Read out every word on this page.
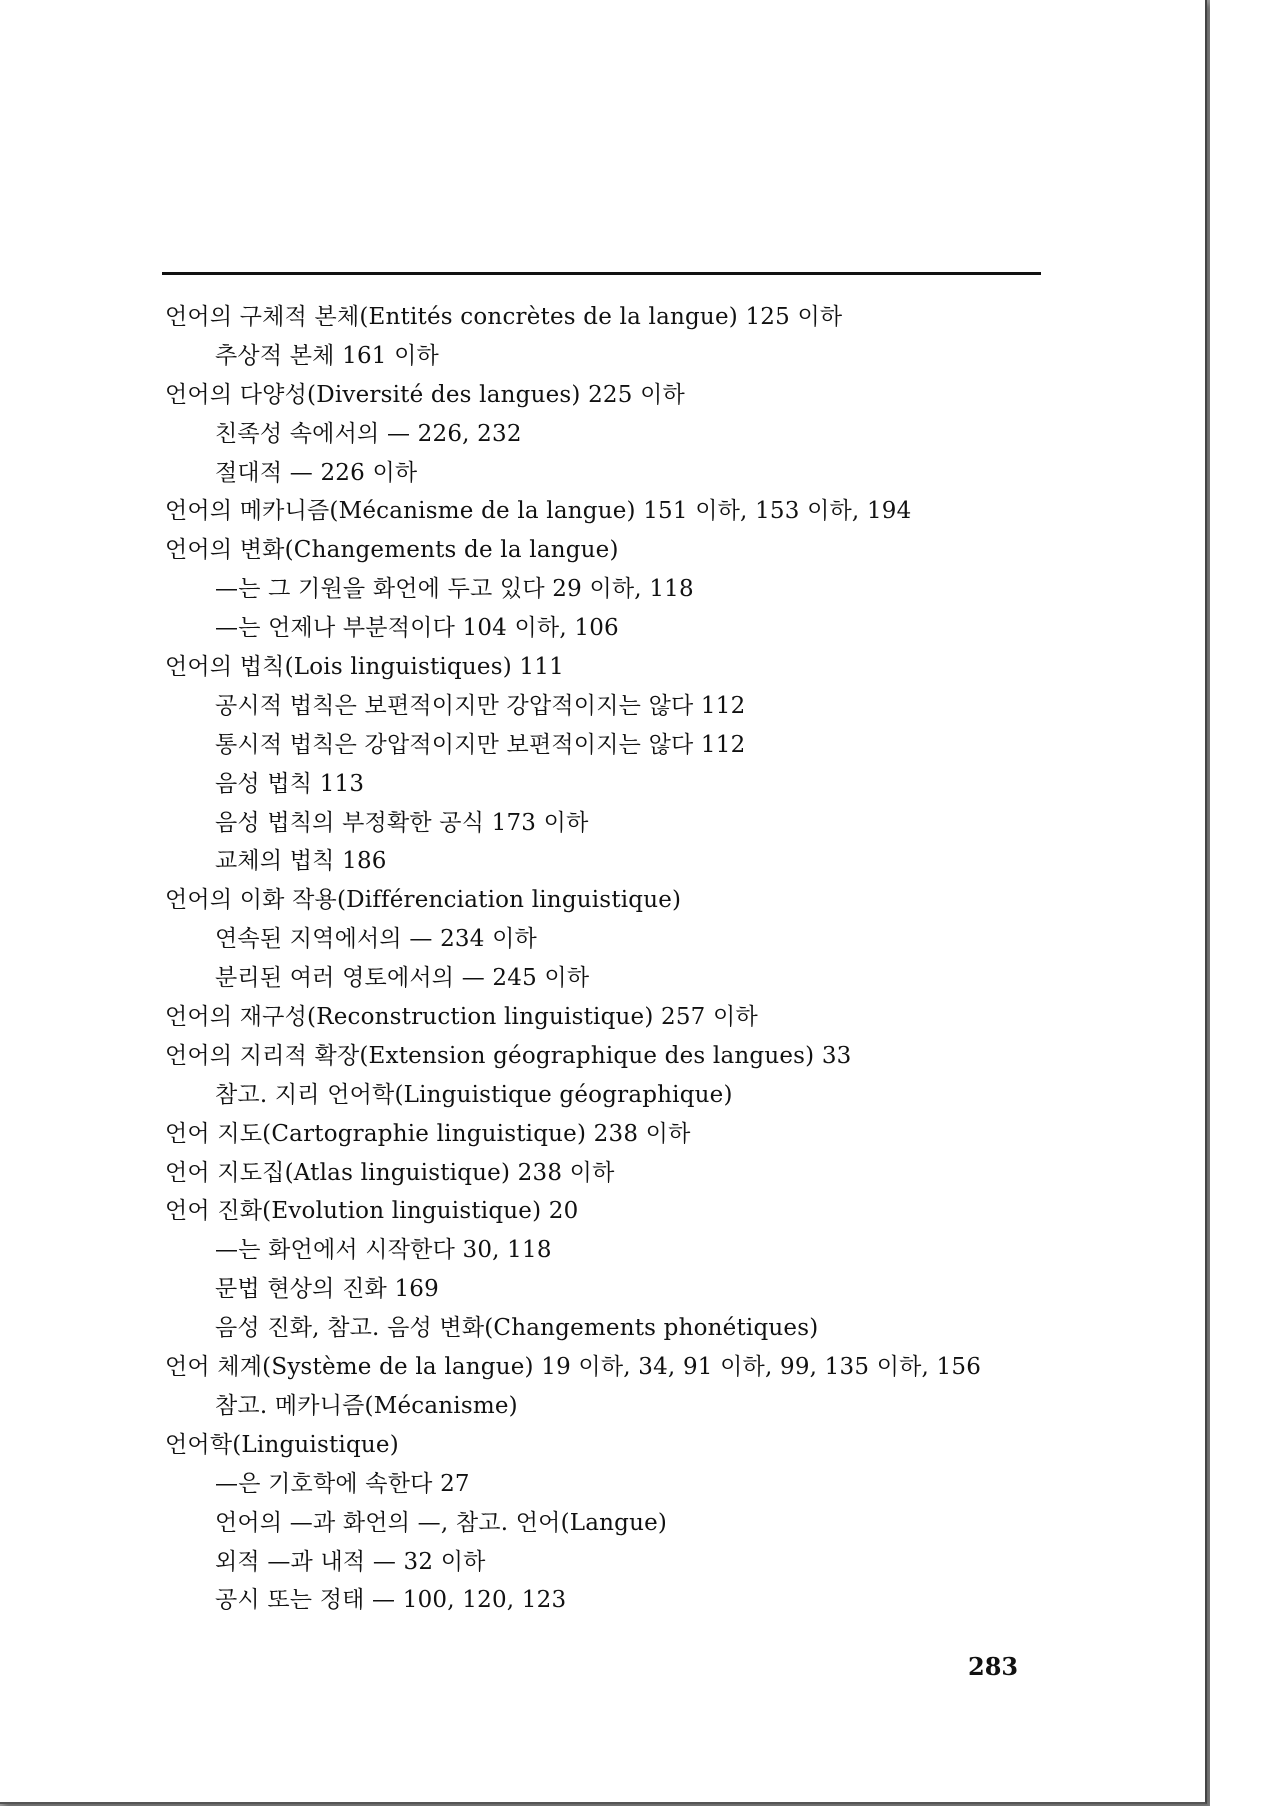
언어의 구체적 본체(Entités concrètes de la langue) 125 이하
추상적 본체 161 이하
언어의 다양성(Diversité des langues) 225 이하
친족성 속에서의 — 226, 232
절대적 — 226 이하
언어의 메카니즘(Mécanisme de la langue) 151 이하, 153 이하, 194
언어의 변화(Changements de la langue)
—는 그 기원을 화언에 두고 있다 29 이하, 118
—는 언제나 부분적이다 104 이하, 106
언어의 법칙(Lois linguistiques) 111
공시적 법칙은 보편적이지만 강압적이지는 않다 112
통시적 법칙은 강압적이지만 보편적이지는 않다 112
음성 법칙 113
음성 법칙의 부정확한 공식 173 이하
교체의 법칙 186
언어의 이화 작용(Différenciation linguistique)
연속된 지역에서의 — 234 이하
분리된 여러 영토에서의 — 245 이하
언어의 재구성(Reconstruction linguistique) 257 이하
언어의 지리적 확장(Extension géographique des langues) 33
참고. 지리 언어학(Linguistique géographique)
언어 지도(Cartographie linguistique) 238 이하
언어 지도집(Atlas linguistique) 238 이하
언어 진화(Evolution linguistique) 20
—는 화언에서 시작한다 30, 118
문법 현상의 진화 169
음성 진화, 참고. 음성 변화(Changements phonétiques)
언어 체계(Système de la langue) 19 이하, 34, 91 이하, 99, 135 이하, 156
참고. 메카니즘(Mécanisme)
언어학(Linguistique)
—은 기호학에 속한다 27
언어의 —과 화언의 —, 참고. 언어(Langue)
외적 —과 내적 — 32 이하
공시 또는 정태 — 100, 120, 123
283
